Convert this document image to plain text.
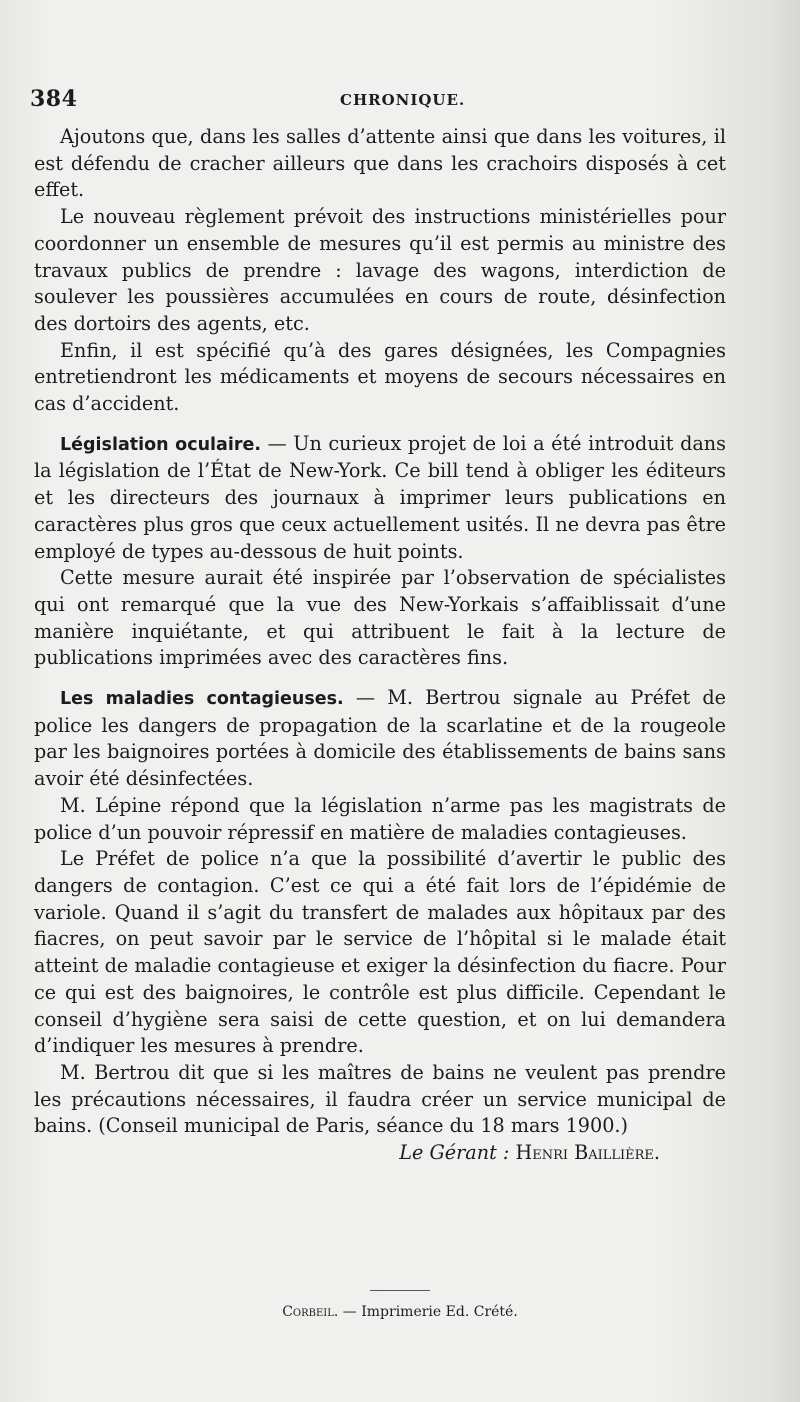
384	CHRONIQUE.

Ajoutons que, dans les salles d’attente ainsi que dans les voitures, il est défendu de cracher ailleurs que dans les crachoirs disposés à cet effet.

Le nouveau règlement prévoit des instructions ministérielles pour coordonner un ensemble de mesures qu’il est permis au ministre des travaux publics de prendre : lavage des wagons, interdiction de soulever les poussières accumulées en cours de route, désinfection des dortoirs des agents, etc.

Enfin, il est spécifié qu’à des gares désignées, les Compagnies entretiendront les médicaments et moyens de secours nécessaires en cas d’accident.

Législation oculaire. — Un curieux projet de loi a été introduit dans la législation de l’État de New-York. Ce bill tend à obliger les éditeurs et les directeurs des journaux à imprimer leurs publications en caractères plus gros que ceux actuellement usités. Il ne devra pas être employé de types au-dessous de huit points.

Cette mesure aurait été inspirée par l’observation de spécialistes qui ont remarqué que la vue des New-Yorkais s’affaiblissait d’une manière inquiétante, et qui attribuent le fait à la lecture de publications imprimées avec des caractères fins.

Les maladies contagieuses. — M. Bertrou signale au Préfet de police les dangers de propagation de la scarlatine et de la rougeole par les baignoires portées à domicile des établissements de bains sans avoir été désinfectées.

M. Lépine répond que la législation n’arme pas les magistrats de police d’un pouvoir répressif en matière de maladies contagieuses.

Le Préfet de police n’a que la possibilité d’avertir le public des dangers de contagion. C’est ce qui a été fait lors de l’épidémie de variole. Quand il s’agit du transfert de malades aux hôpitaux par des fiacres, on peut savoir par le service de l’hôpital si le malade était atteint de maladie contagieuse et exiger la désinfection du fiacre. Pour ce qui est des baignoires, le contrôle est plus difficile. Cependant le conseil d’hygiène sera saisi de cette question, et on lui demandera d’indiquer les mesures à prendre.

M. Bertrou dit que si les maîtres de bains ne veulent pas prendre les précautions nécessaires, il faudra créer un service municipal de bains. (Conseil municipal de Paris, séance du 18 mars 1900.)

Le Gérant : Henri Baillière.

Corbeil. — Imprimerie Ed. Crété.
